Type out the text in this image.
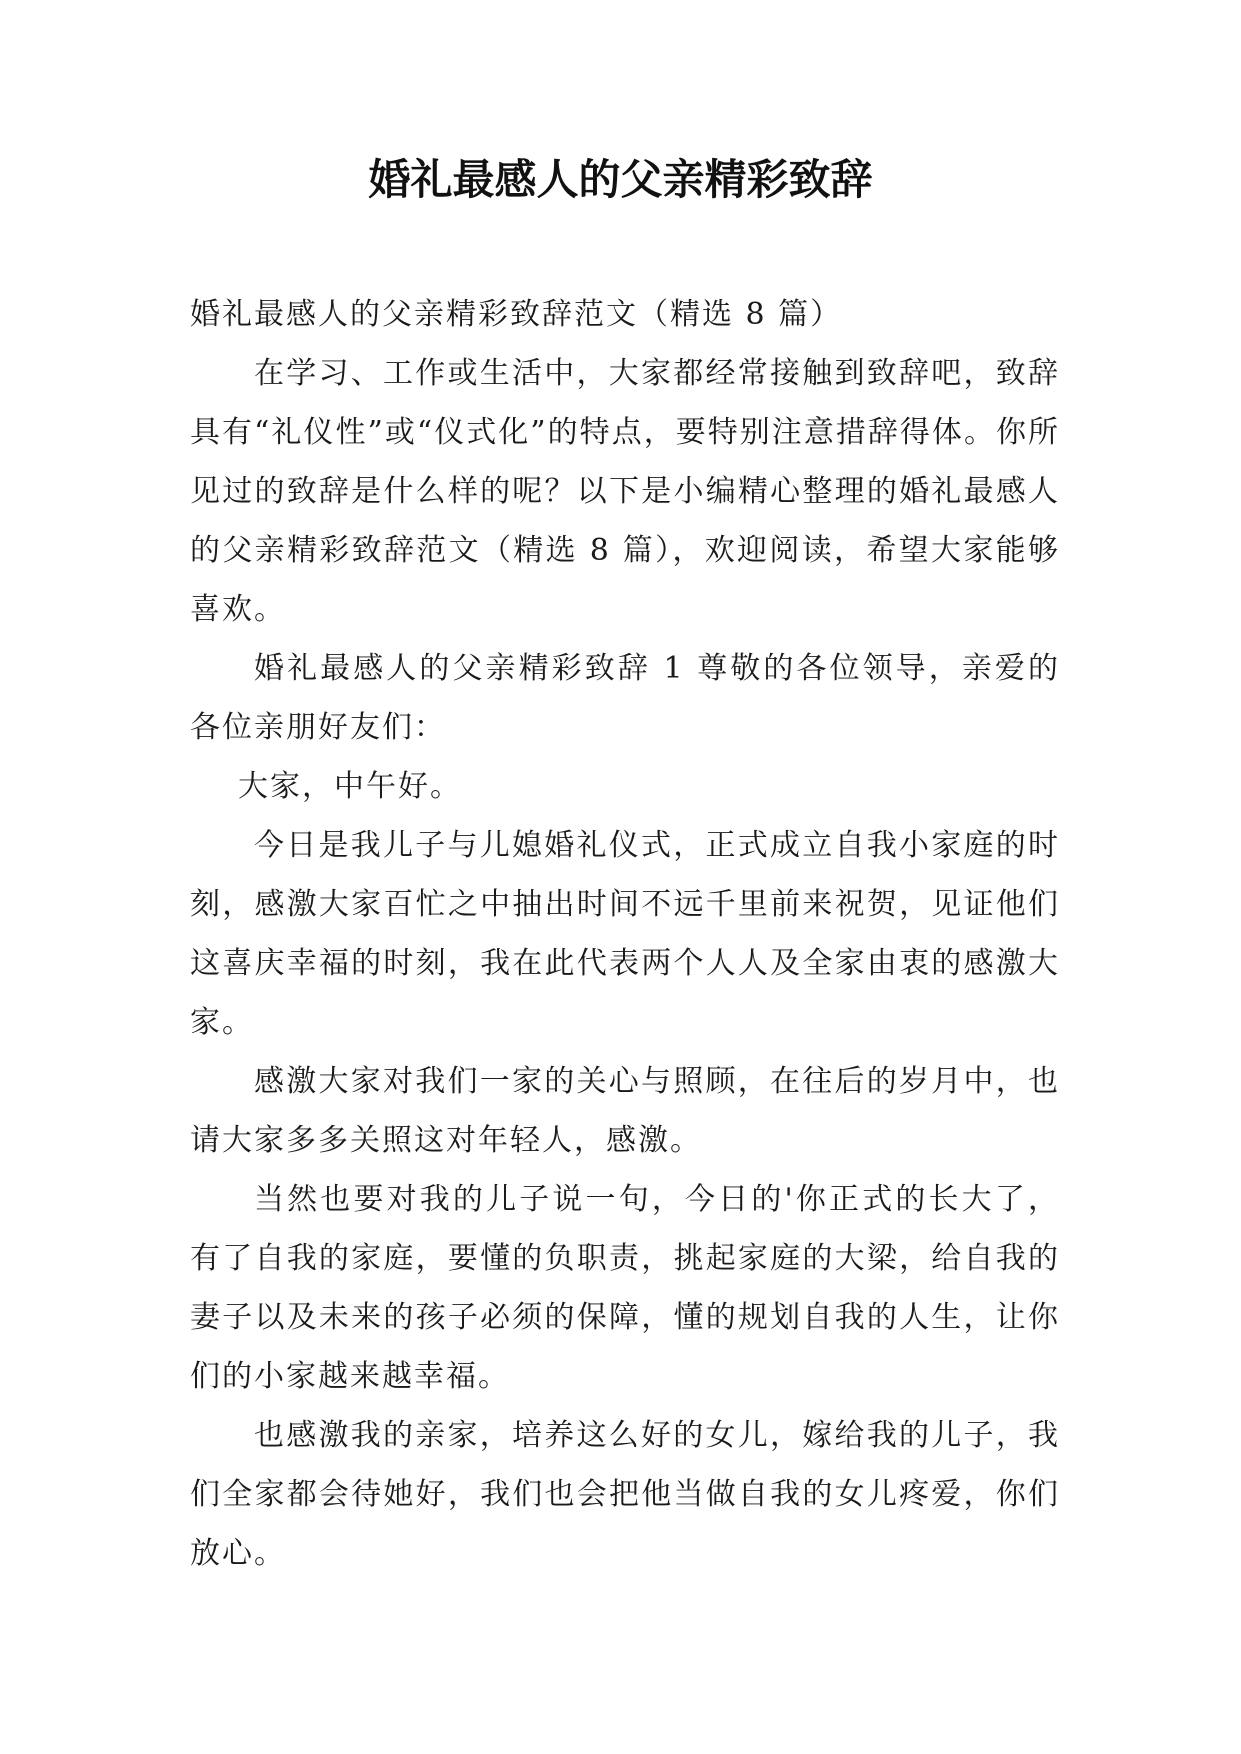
婚礼最感人的父亲精彩致辞

婚礼最感人的父亲精彩致辞范文（精选 8 篇）

在学习、工作或生活中，大家都经常接触到致辞吧，致辞具有“礼仪性”或“仪式化”的特点，要特别注意措辞得体。你所见过的致辞是什么样的呢？以下是小编精心整理的婚礼最感人的父亲精彩致辞范文（精选 8 篇），欢迎阅读，希望大家能够喜欢。

婚礼最感人的父亲精彩致辞 1 尊敬的各位领导，亲爱的各位亲朋好友们：

大家，中午好。

今日是我儿子与儿媳婚礼仪式，正式成立自我小家庭的时刻，感激大家百忙之中抽出时间不远千里前来祝贺，见证他们这喜庆幸福的时刻，我在此代表两个人人及全家由衷的感激大家。

感激大家对我们一家的关心与照顾，在往后的岁月中，也请大家多多关照这对年轻人，感激。

当然也要对我的儿子说一句，今日的'你正式的长大了，有了自我的家庭，要懂的负职责，挑起家庭的大梁，给自我的妻子以及未来的孩子必须的保障，懂的规划自我的人生，让你们的小家越来越幸福。

也感激我的亲家，培养这么好的女儿，嫁给我的儿子，我们全家都会待她好，我们也会把他当做自我的女儿疼爱，你们放心。
